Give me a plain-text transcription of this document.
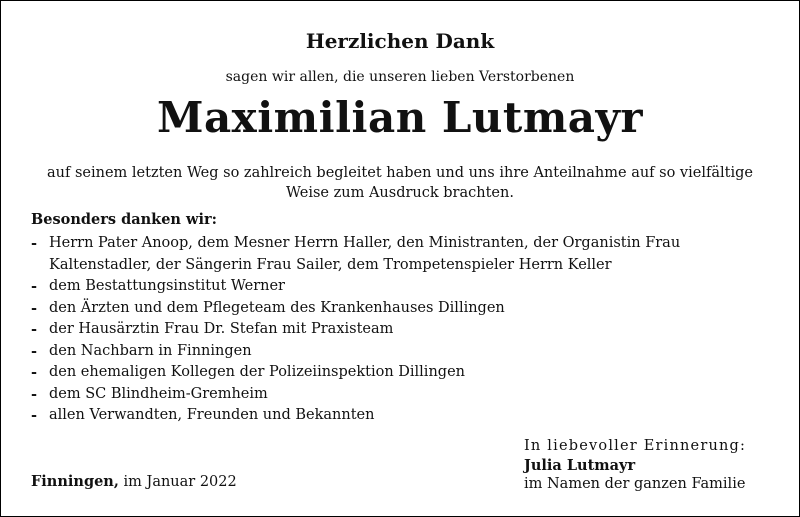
Herzlichen Dank
sagen wir allen, die unseren lieben Verstorbenen
Maximilian Lutmayr
auf seinem letzten Weg so zahlreich begleitet haben und uns ihre Anteilnahme auf so vielfältige Weise zum Ausdruck brachten.
Besonders danken wir:
- Herrn Pater Anoop, dem Mesner Herrn Haller, den Ministranten, der Organistin Frau Kaltenstadler, der Sängerin Frau Sailer, dem Trompetenspieler Herrn Keller
- dem Bestattungsinstitut Werner
- den Ärzten und dem Pflegeteam des Krankenhauses Dillingen
- der Hausärztin Frau Dr. Stefan mit Praxisteam
- den Nachbarn in Finningen
- den ehemaligen Kollegen der Polizeiinspektion Dillingen
- dem SC Blindheim-Gremheim
- allen Verwandten, Freunden und Bekannten
Finningen, im Januar 2022
In liebevoller Erinnerung:
Julia Lutmayr
im Namen der ganzen Familie
